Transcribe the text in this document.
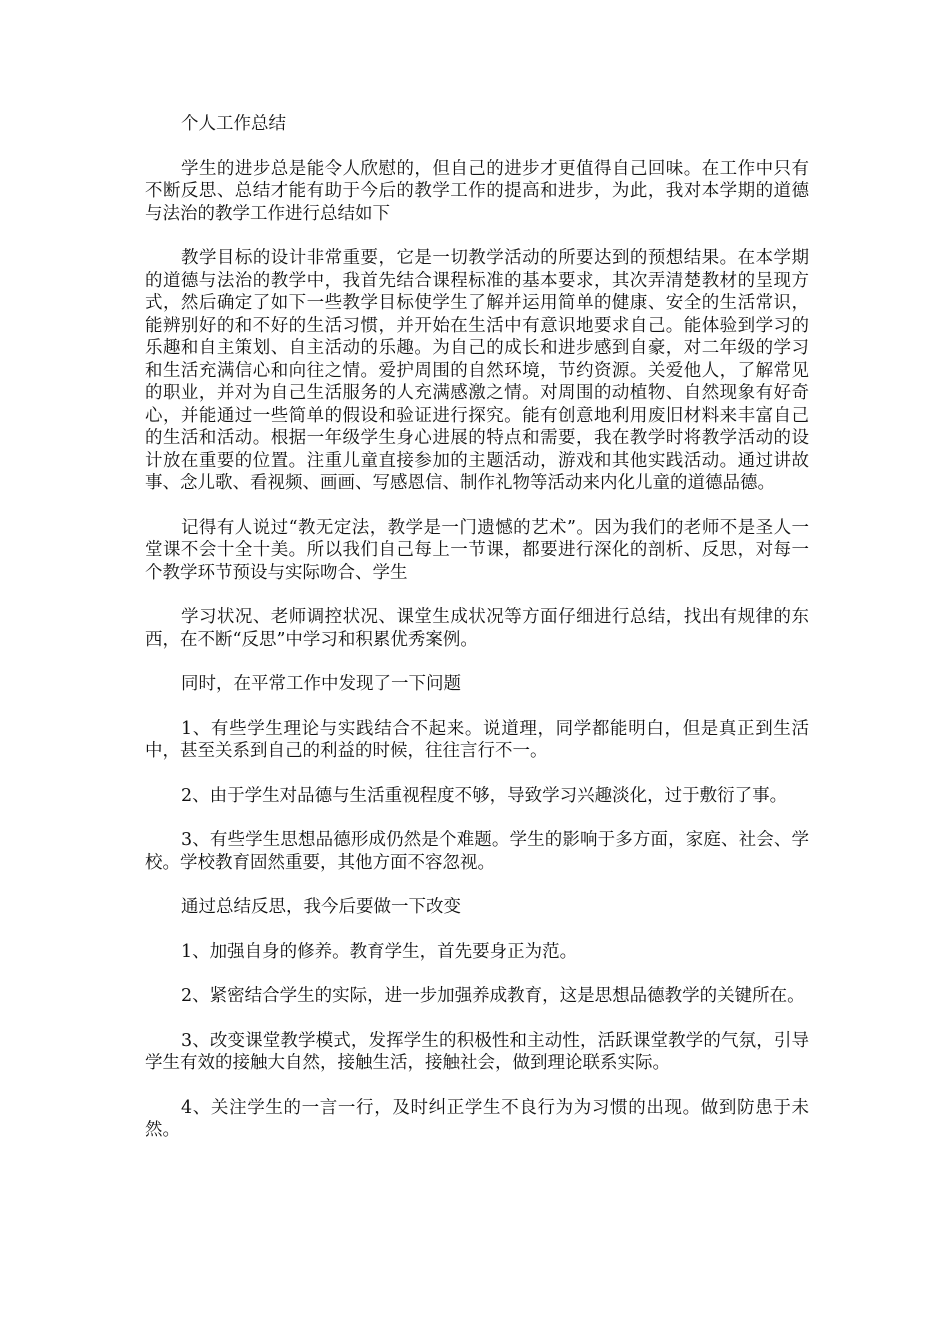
个人工作总结

学生的进步总是能令人欣慰的，但自己的进步才更值得自己回味。在工作中只有不断反思、总结才能有助于今后的教学工作的提高和进步，为此，我对本学期的道德与法治的教学工作进行总结如下

教学目标的设计非常重要，它是一切教学活动的所要达到的预想结果。在本学期的道德与法治的教学中，我首先结合课程标准的基本要求，其次弄清楚教材的呈现方式，然后确定了如下一些教学目标使学生了解并运用简单的健康、安全的生活常识，能辨别好的和不好的生活习惯，并开始在生活中有意识地要求自己。能体验到学习的乐趣和自主策划、自主活动的乐趣。为自己的成长和进步感到自豪，对二年级的学习和生活充满信心和向往之情。爱护周围的自然环境，节约资源。关爱他人，了解常见的职业，并对为自己生活服务的人充满感激之情。对周围的动植物、自然现象有好奇心，并能通过一些简单的假设和验证进行探究。能有创意地利用废旧材料来丰富自己的生活和活动。根据一年级学生身心进展的特点和需要，我在教学时将教学活动的设计放在重要的位置。注重儿童直接参加的主题活动，游戏和其他实践活动。通过讲故事、念儿歌、看视频、画画、写感恩信、制作礼物等活动来内化儿童的道德品德。

记得有人说过“教无定法，教学是一门遗憾的艺术”。因为我们的老师不是圣人一堂课不会十全十美。所以我们自己每上一节课，都要进行深化的剖析、反思，对每一个教学环节预设与实际吻合、学生

学习状况、老师调控状况、课堂生成状况等方面仔细进行总结，找出有规律的东西，在不断“反思”中学习和积累优秀案例。

同时，在平常工作中发现了一下问题

1、有些学生理论与实践结合不起来。说道理，同学都能明白，但是真正到生活中，甚至关系到自己的利益的时候，往往言行不一。

2、由于学生对品德与生活重视程度不够，导致学习兴趣淡化，过于敷衍了事。

3、有些学生思想品德形成仍然是个难题。学生的影响于多方面，家庭、社会、学校。学校教育固然重要，其他方面不容忽视。

通过总结反思，我今后要做一下改变

1、加强自身的修养。教育学生，首先要身正为范。

2、紧密结合学生的实际，进一步加强养成教育，这是思想品德教学的关键所在。

3、改变课堂教学模式，发挥学生的积极性和主动性，活跃课堂教学的气氛，引导学生有效的接触大自然，接触生活，接触社会，做到理论联系实际。

4、关注学生的一言一行，及时纠正学生不良行为为习惯的出现。做到防患于未然。
